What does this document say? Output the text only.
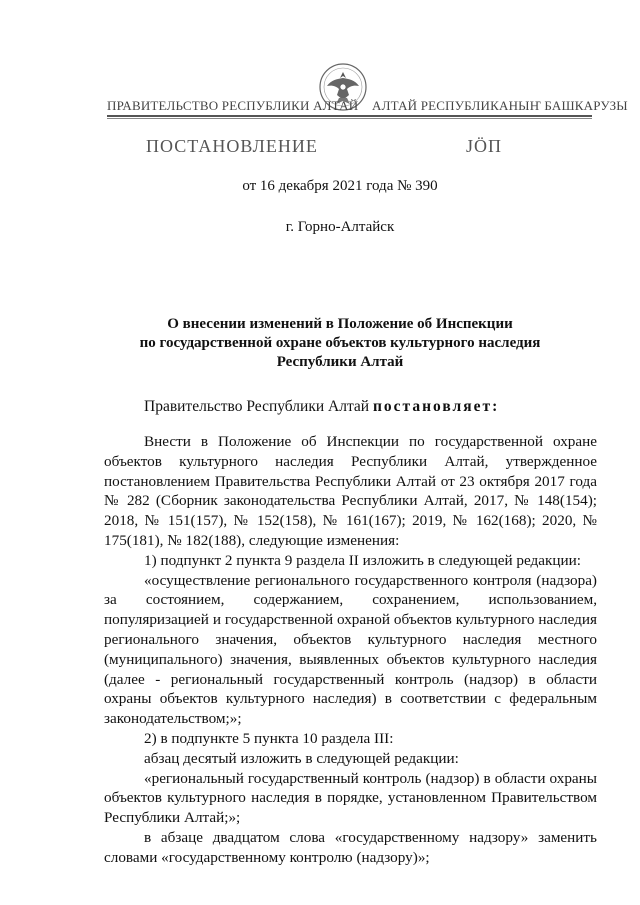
ПРАВИТЕЛЬСТВО РЕСПУБЛИКИ АЛТАЙ АЛТАЙ РЕСПУБЛИКАНЫҤ БАШКАРУЗЫ
ПОСТАНОВЛЕНИЕ	ЈӦП
от 16 декабря 2021 года № 390
г. Горно-Алтайск
О внесении изменений в Положение об Инспекции
по государственной охране объектов культурного наследия
Республики Алтай
Правительство Республики Алтай постановляет:

Внести в Положение об Инспекции по государственной охране объектов культурного наследия Республики Алтай, утвержденное постановлением Правительства Республики Алтай от 23 октября 2017 года № 282 (Сборник законодательства Республики Алтай, 2017, № 148(154); 2018, № 151(157), № 152(158), № 161(167); 2019, № 162(168); 2020, № 175(181), № 182(188), следующие изменения:

1) подпункт 2 пункта 9 раздела II изложить в следующей редакции:

«осуществление регионального государственного контроля (надзора) за состоянием, содержанием, сохранением, использованием, популяризацией и государственной охраной объектов культурного наследия регионального значения, объектов культурного наследия местного (муниципального) значения, выявленных объектов культурного наследия (далее - региональный государственный контроль (надзор) в области охраны объектов культурного наследия) в соответствии с федеральным законодательством;»;

2) в подпункте 5 пункта 10 раздела III:

абзац десятый изложить в следующей редакции:

«региональный государственный контроль (надзор) в области охраны объектов культурного наследия в порядке, установленном Правительством Республики Алтай;»;

в абзаце двадцатом слова «государственному надзору» заменить словами «государственному контролю (надзору)»;
